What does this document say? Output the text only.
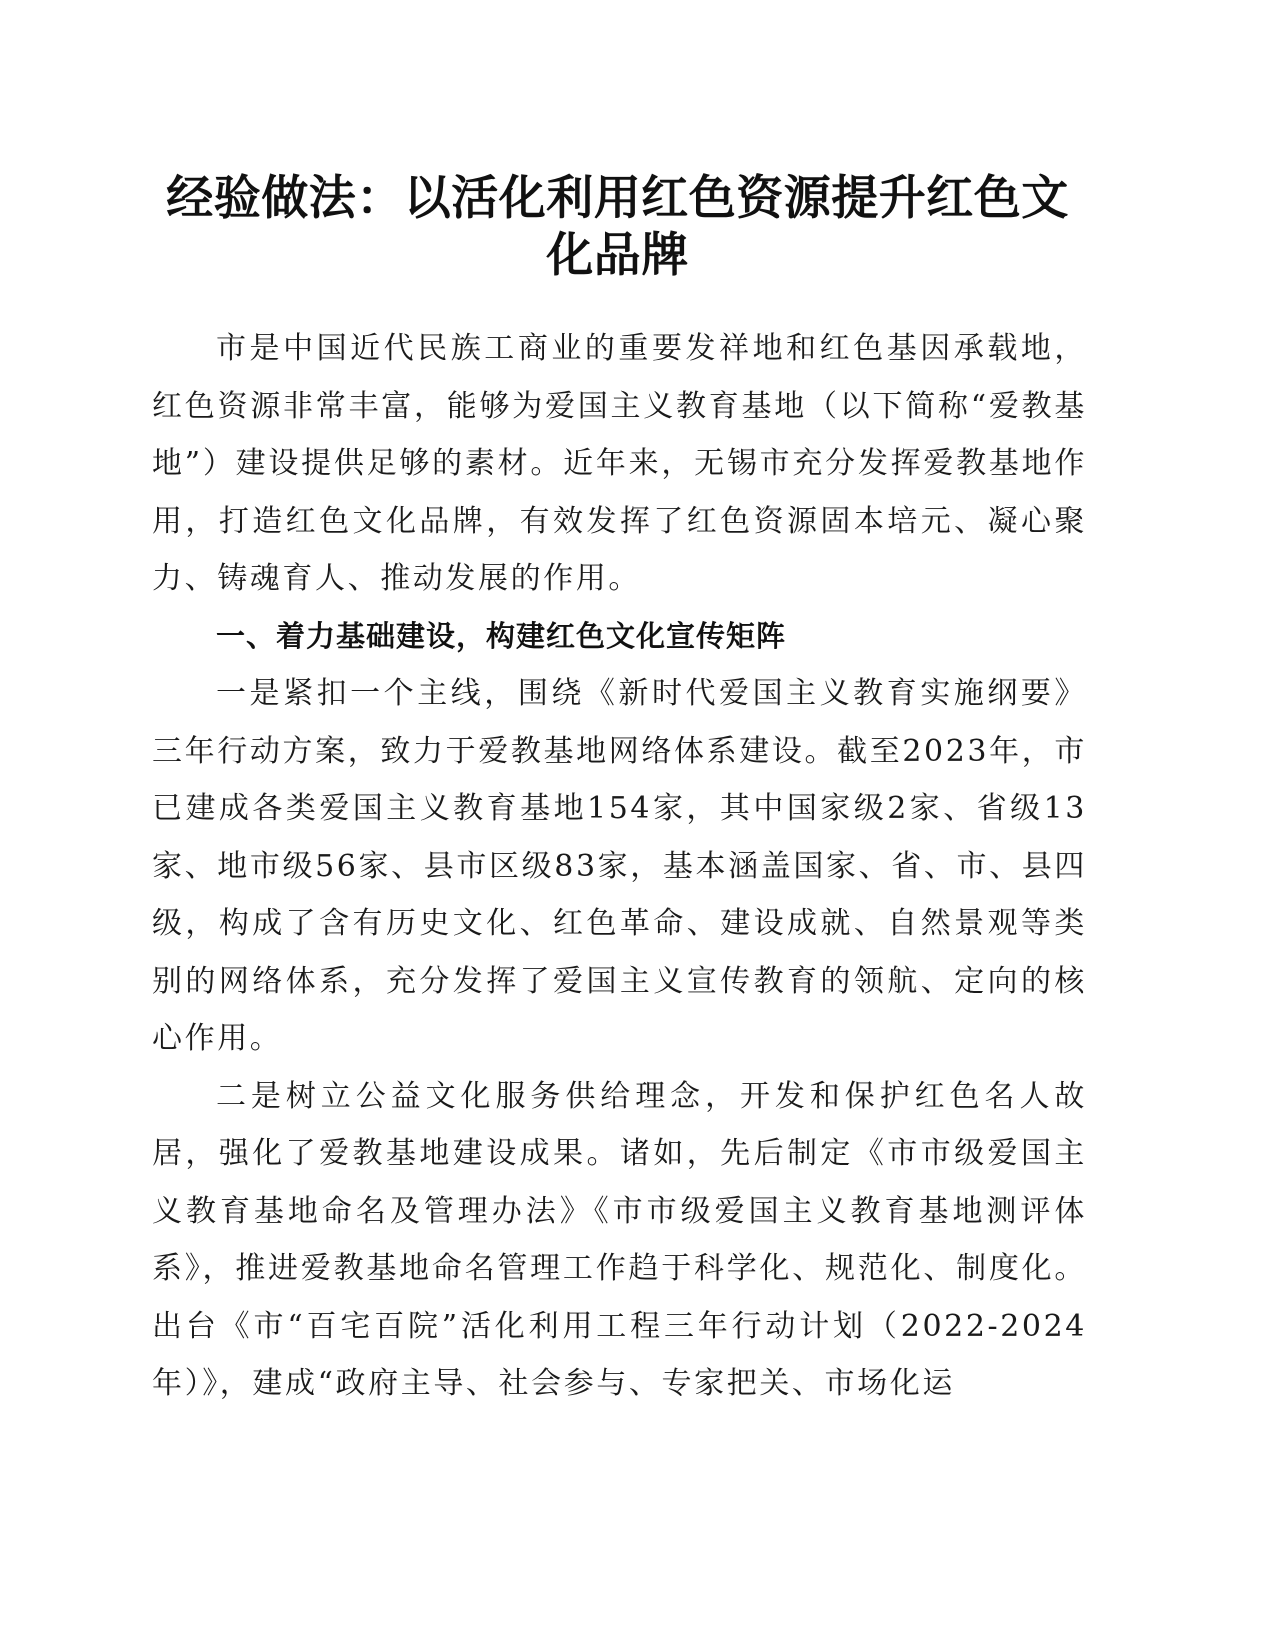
经验做法：以活化利用红色资源提升红色文化品牌

市是中国近代民族工商业的重要发祥地和红色基因承载地，红色资源非常丰富，能够为爱国主义教育基地（以下简称“爱教基地”）建设提供足够的素材。近年来，无锡市充分发挥爱教基地作用，打造红色文化品牌，有效发挥了红色资源固本培元、凝心聚力、铸魂育人、推动发展的作用。

一、着力基础建设，构建红色文化宣传矩阵

一是紧扣一个主线，围绕《新时代爱国主义教育实施纲要》三年行动方案，致力于爱教基地网络体系建设。截至2023年，市已建成各类爱国主义教育基地154家，其中国家级2家、省级13家、地市级56家、县市区级83家，基本涵盖国家、省、市、县四级，构成了含有历史文化、红色革命、建设成就、自然景观等类别的网络体系，充分发挥了爱国主义宣传教育的领航、定向的核心作用。

二是树立公益文化服务供给理念，开发和保护红色名人故居，强化了爱教基地建设成果。诸如，先后制定《市市级爱国主义教育基地命名及管理办法》《市市级爱国主义教育基地测评体系》，推进爱教基地命名管理工作趋于科学化、规范化、制度化。出台《市“百宅百院”活化利用工程三年行动计划（2022-2024年）》，建成“政府主导、社会参与、专家把关、市场化运
